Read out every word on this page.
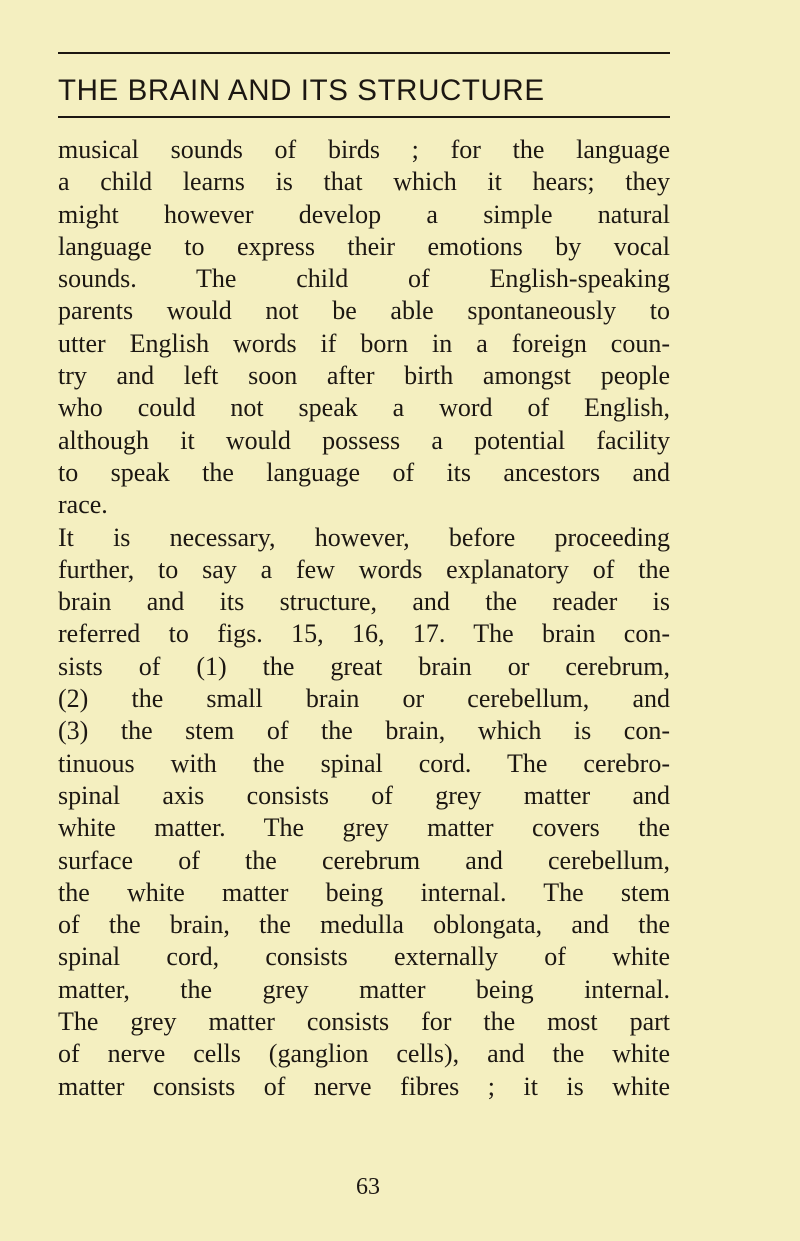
THE BRAIN AND ITS STRUCTURE
musical sounds of birds ; for the language
a child learns is that which it hears; they
might however develop a simple natural
language to express their emotions by vocal
sounds. The child of English-speaking
parents would not be able spontaneously to
utter English words if born in a foreign coun-
try and left soon after birth amongst people
who could not speak a word of English,
although it would possess a potential facility
to speak the language of its ancestors and
race.
It is necessary, however, before proceeding
further, to say a few words explanatory of the
brain and its structure, and the reader is
referred to figs. 15, 16, 17. The brain con-
sists of (1) the great brain or cerebrum,
(2) the small brain or cerebellum, and
(3) the stem of the brain, which is con-
tinuous with the spinal cord. The cerebro-
spinal axis consists of grey matter and
white matter. The grey matter covers the
surface of the cerebrum and cerebellum,
the white matter being internal. The stem
of the brain, the medulla oblongata, and the
spinal cord, consists externally of white
matter, the grey matter being internal.
The grey matter consists for the most part
of nerve cells (ganglion cells), and the white
matter consists of nerve fibres ; it is white
63
